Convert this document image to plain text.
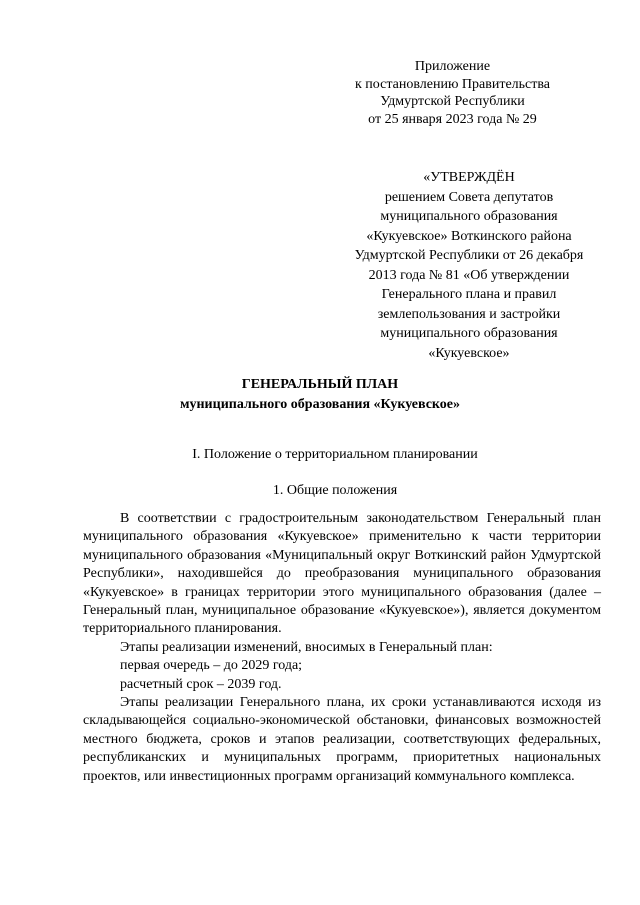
Приложение
к постановлению Правительства
Удмуртской Республики
от 25 января 2023 года № 29
«УТВЕРЖДЁН
решением Совета депутатов
муниципального образования
«Кукуевское» Воткинского района
Удмуртской Республики от 26 декабря
2013 года № 81 «Об утверждении
Генерального плана и правил
землепользования и застройки
муниципального образования
«Кукуевское»
ГЕНЕРАЛЬНЫЙ ПЛАН
муниципального образования «Кукуевское»
I. Положение о территориальном планировании
1. Общие положения

В соответствии с градостроительным законодательством Генеральный план муниципального образования «Кукуевское» применительно к части территории муниципального образования «Муниципальный округ Воткинский район Удмуртской Республики», находившейся до преобразования муниципального образования «Кукуевское» в границах территории этого муниципального образования (далее – Генеральный план, муниципальное образование «Кукуевское»), является документом территориального планирования.

Этапы реализации изменений, вносимых в Генеральный план:

первая очередь – до 2029 года;

расчетный срок – 2039 год.

Этапы реализации Генерального плана, их сроки устанавливаются исходя из складывающейся социально-экономической обстановки, финансовых возможностей местного бюджета, сроков и этапов реализации, соответствующих федеральных, республиканских и муниципальных программ, приоритетных национальных проектов, или инвестиционных программ организаций коммунального комплекса.
